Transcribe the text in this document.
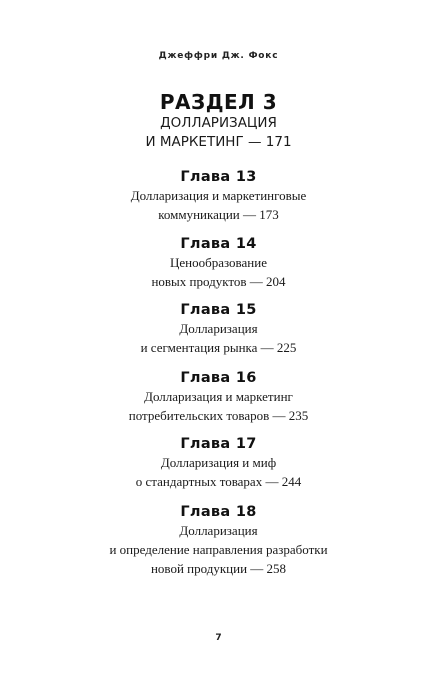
Джеффри Дж. Фокс
РАЗДЕЛ 3
ДОЛЛАРИЗАЦИЯ
И МАРКЕТИНГ — 171
Глава 13
Долларизация и маркетинговые
коммуникации — 173
Глава 14
Ценообразование
новых продуктов — 204
Глава 15
Долларизация
и сегментация рынка — 225
Глава 16
Долларизация и маркетинг
потребительских товаров — 235
Глава 17
Долларизация и миф
о стандартных товарах — 244
Глава 18
Долларизация
и определение направления разработки
новой продукции — 258
7
